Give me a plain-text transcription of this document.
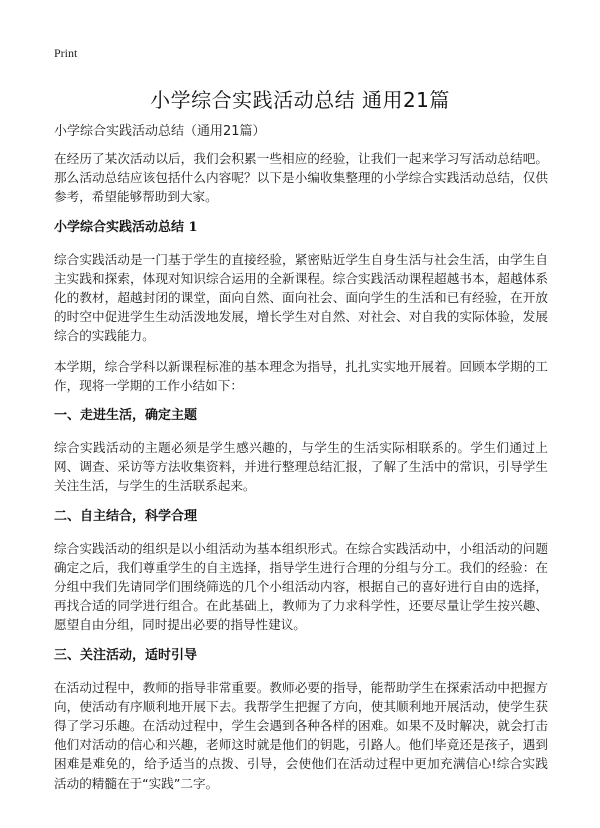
Print
小学综合实践活动总结 通用21篇
小学综合实践活动总结（通用21篇）

在经历了某次活动以后，我们会积累一些相应的经验，让我们一起来学习写活动总结吧。那么活动总结应该包括什么内容呢？以下是小编收集整理的小学综合实践活动总结，仅供参考，希望能够帮助到大家。

小学综合实践活动总结 1

综合实践活动是一门基于学生的直接经验，紧密贴近学生自身生活与社会生活，由学生自主实践和探索，体现对知识综合运用的全新课程。综合实践活动课程超越书本，超越体系化的教材，超越封闭的课堂，面向自然、面向社会、面向学生的生活和已有经验，在开放的时空中促进学生生动活泼地发展，增长学生对自然、对社会、对自我的实际体验，发展综合的实践能力。

本学期，综合学科以新课程标准的基本理念为指导，扎扎实实地开展着。回顾本学期的工作，现将一学期的工作小结如下：

一、走进生活，确定主题

综合实践活动的主题必须是学生感兴趣的，与学生的生活实际相联系的。学生们通过上网、调查、采访等方法收集资料，并进行整理总结汇报，了解了生活中的常识，引导学生关注生活，与学生的生活联系起来。

二、自主结合，科学合理

综合实践活动的组织是以小组活动为基本组织形式。在综合实践活动中，小组活动的问题确定之后，我们尊重学生的自主选择，指导学生进行合理的分组与分工。我们的经验：在分组中我们先请同学们围绕筛选的几个小组活动内容，根据自己的喜好进行自由的选择，再找合适的同学进行组合。在此基础上，教师为了力求科学性，还要尽量让学生按兴趣、愿望自由分组，同时提出必要的指导性建议。

三、关注活动，适时引导

在活动过程中，教师的指导非常重要。教师必要的指导，能帮助学生在探索活动中把握方向，使活动有序顺利地开展下去。我帮学生把握了方向，使其顺利地开展活动，使学生获得了学习乐趣。在活动过程中，学生会遇到各种各样的困难。如果不及时解决，就会打击他们对活动的信心和兴趣，老师这时就是他们的钥匙，引路人。他们毕竟还是孩子，遇到困难是难免的，给予适当的点拨、引导，会使他们在活动过程中更加充满信心!综合实践活动的精髓在于“实践”二字。
